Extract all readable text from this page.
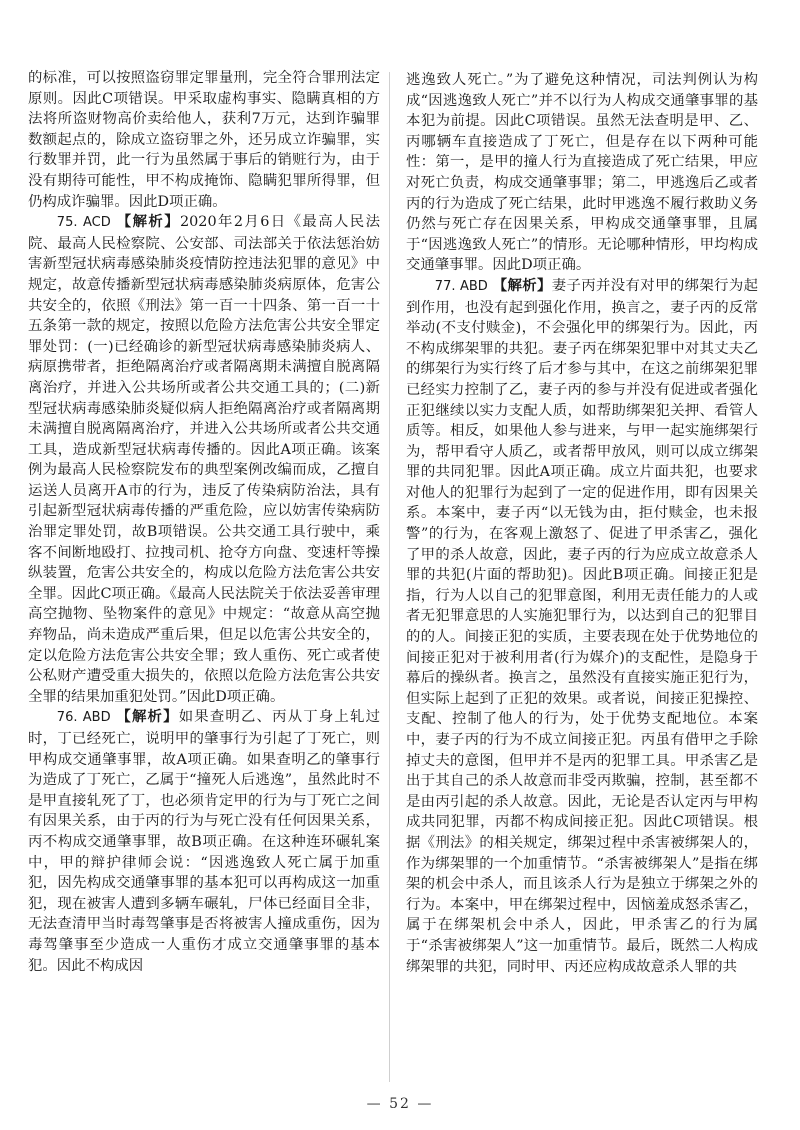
的标准，可以按照盗窃罪定罪量刑，完全符合罪刑法定原则。因此C项错误。甲采取虚构事实、隐瞒真相的方法将所盗财物高价卖给他人，获利7万元，达到诈骗罪数额起点的，除成立盗窃罪之外，还另成立诈骗罪，实行数罪并罚，此一行为虽然属于事后的销赃行为，由于没有期待可能性，甲不构成掩饰、隐瞒犯罪所得罪，但仍构成诈骗罪。因此D项正确。

75. ACD 【解析】2020年2月6日《最高人民法院、最高人民检察院、公安部、司法部关于依法惩治妨害新型冠状病毒感染肺炎疫情防控违法犯罪的意见》中规定，故意传播新型冠状病毒感染肺炎病原体，危害公共安全的，依照《刑法》第一百一十四条、第一百一十五条第一款的规定，按照以危险方法危害公共安全罪定罪处罚：(一)已经确诊的新型冠状病毒感染肺炎病人、病原携带者，拒绝隔离治疗或者隔离期未满擅自脱离隔离治疗，并进入公共场所或者公共交通工具的；(二)新型冠状病毒感染肺炎疑似病人拒绝隔离治疗或者隔离期未满擅自脱离隔离治疗，并进入公共场所或者公共交通工具，造成新型冠状病毒传播的。因此A项正确。该案例为最高人民检察院发布的典型案例改编而成，乙擅自运送人员离开A市的行为，违反了传染病防治法，具有引起新型冠状病毒传播的严重危险，应以妨害传染病防治罪定罪处罚，故B项错误。公共交通工具行驶中，乘客不间断地殴打、拉拽司机、抢夺方向盘、变速杆等操纵装置，危害公共安全的，构成以危险方法危害公共安全罪。因此C项正确。《最高人民法院关于依法妥善审理高空抛物、坠物案件的意见》中规定：“故意从高空抛弃物品，尚未造成严重后果，但足以危害公共安全的，定以危险方法危害公共安全罪；致人重伤、死亡或者使公私财产遭受重大损失的，依照以危险方法危害公共安全罪的结果加重犯处罚。”因此D项正确。

76. ABD 【解析】如果查明乙、丙从丁身上轧过时，丁已经死亡，说明甲的肇事行为引起了丁死亡，则甲构成交通肇事罪，故A项正确。如果查明乙的肇事行为造成了丁死亡，乙属于“撞死人后逃逸”，虽然此时不是甲直接轧死了丁，也必须肯定甲的行为与丁死亡之间有因果关系，由于丙的行为与死亡没有任何因果关系，丙不构成交通肇事罪，故B项正确。在这种连环碾轧案中，甲的辩护律师会说：“因逃逸致人死亡属于加重犯，因先构成交通肇事罪的基本犯可以再构成这一加重犯，现在被害人遭到多辆车碾轧，尸体已经面目全非，无法查清甲当时毒驾肇事是否将被害人撞成重伤，因为毒驾肇事至少造成一人重伤才成立交通肇事罪的基本犯。因此不构成因

逃逸致人死亡。”为了避免这种情况，司法判例认为构成“因逃逸致人死亡”并不以行为人构成交通肇事罪的基本犯为前提。因此C项错误。虽然无法查明是甲、乙、丙哪辆车直接造成了丁死亡，但是存在以下两种可能性：第一，是甲的撞人行为直接造成了死亡结果，甲应对死亡负责，构成交通肇事罪；第二，甲逃逸后乙或者丙的行为造成了死亡结果，此时甲逃逸不履行救助义务仍然与死亡存在因果关系，甲构成交通肇事罪，且属于“因逃逸致人死亡”的情形。无论哪种情形，甲均构成交通肇事罪。因此D项正确。

77. ABD 【解析】妻子丙并没有对甲的绑架行为起到作用，也没有起到强化作用，换言之，妻子丙的反常举动(不支付赎金)，不会强化甲的绑架行为。因此，丙不构成绑架罪的共犯。妻子丙在绑架犯罪中对其丈夫乙的绑架行为实行终了后才参与其中，在这之前绑架犯罪已经实力控制了乙，妻子丙的参与并没有促进或者强化正犯继续以实力支配人质，如帮助绑架犯关押、看管人质等。相反，如果他人参与进来，与甲一起实施绑架行为，帮甲看守人质乙，或者帮甲放风，则可以成立绑架罪的共同犯罪。因此A项正确。成立片面共犯，也要求对他人的犯罪行为起到了一定的促进作用，即有因果关系。本案中，妻子丙“以无钱为由，拒付赎金，也未报警”的行为，在客观上激怒了、促进了甲杀害乙，强化了甲的杀人故意，因此，妻子丙的行为应成立故意杀人罪的共犯(片面的帮助犯)。因此B项正确。间接正犯是指，行为人以自己的犯罪意图，利用无责任能力的人或者无犯罪意思的人实施犯罪行为，以达到自己的犯罪目的的人。间接正犯的实质，主要表现在处于优势地位的间接正犯对于被利用者(行为媒介)的支配性，是隐身于幕后的操纵者。换言之，虽然没有直接实施正犯行为，但实际上起到了正犯的效果。或者说，间接正犯操控、支配、控制了他人的行为，处于优势支配地位。本案中，妻子丙的行为不成立间接正犯。丙虽有借甲之手除掉丈夫的意图，但甲并不是丙的犯罪工具。甲杀害乙是出于其自己的杀人故意而非受丙欺骗，控制，甚至都不是由丙引起的杀人故意。因此，无论是否认定丙与甲构成共同犯罪，丙都不构成间接正犯。因此C项错误。根据《刑法》的相关规定，绑架过程中杀害被绑架人的，作为绑架罪的一个加重情节。“杀害被绑架人”是指在绑架的机会中杀人，而且该杀人行为是独立于绑架之外的行为。本案中，甲在绑架过程中，因恼羞成怒杀害乙，属于在绑架机会中杀人，因此，甲杀害乙的行为属于“杀害被绑架人”这一加重情节。最后，既然二人构成绑架罪的共犯，同时甲、丙还应构成故意杀人罪的共

— 52 —
